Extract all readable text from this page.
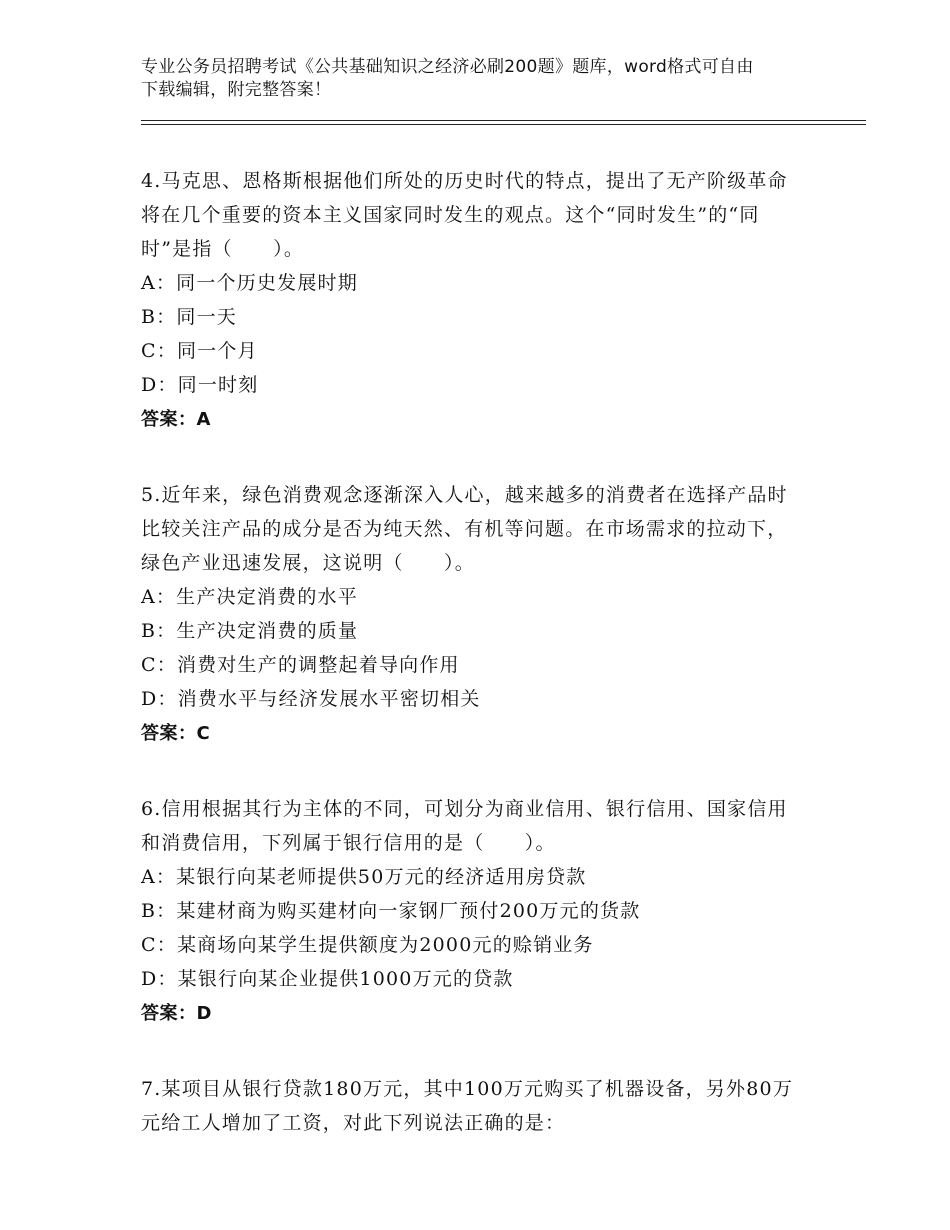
专业公务员招聘考试《公共基础知识之经济必刷200题》题库，word格式可自由
下载编辑，附完整答案！

4.马克思、恩格斯根据他们所处的历史时代的特点，提出了无产阶级革命将在几个重要的资本主义国家同时发生的观点。这个“同时发生”的“同时”是指（　　）。

A：同一个历史发展时期

B：同一天

C：同一个月

D：同一时刻

答案：A

5.近年来，绿色消费观念逐渐深入人心，越来越多的消费者在选择产品时比较关注产品的成分是否为纯天然、有机等问题。在市场需求的拉动下，绿色产业迅速发展，这说明（　　）。

A：生产决定消费的水平

B：生产决定消费的质量

C：消费对生产的调整起着导向作用

D：消费水平与经济发展水平密切相关

答案：C

6.信用根据其行为主体的不同，可划分为商业信用、银行信用、国家信用和消费信用，下列属于银行信用的是（　　）。

A：某银行向某老师提供50万元的经济适用房贷款

B：某建材商为购买建材向一家钢厂预付200万元的货款

C：某商场向某学生提供额度为2000元的赊销业务

D：某银行向某企业提供1000万元的贷款

答案：D

7.某项目从银行贷款180万元，其中100万元购买了机器设备，另外80万元给工人增加了工资，对此下列说法正确的是：
